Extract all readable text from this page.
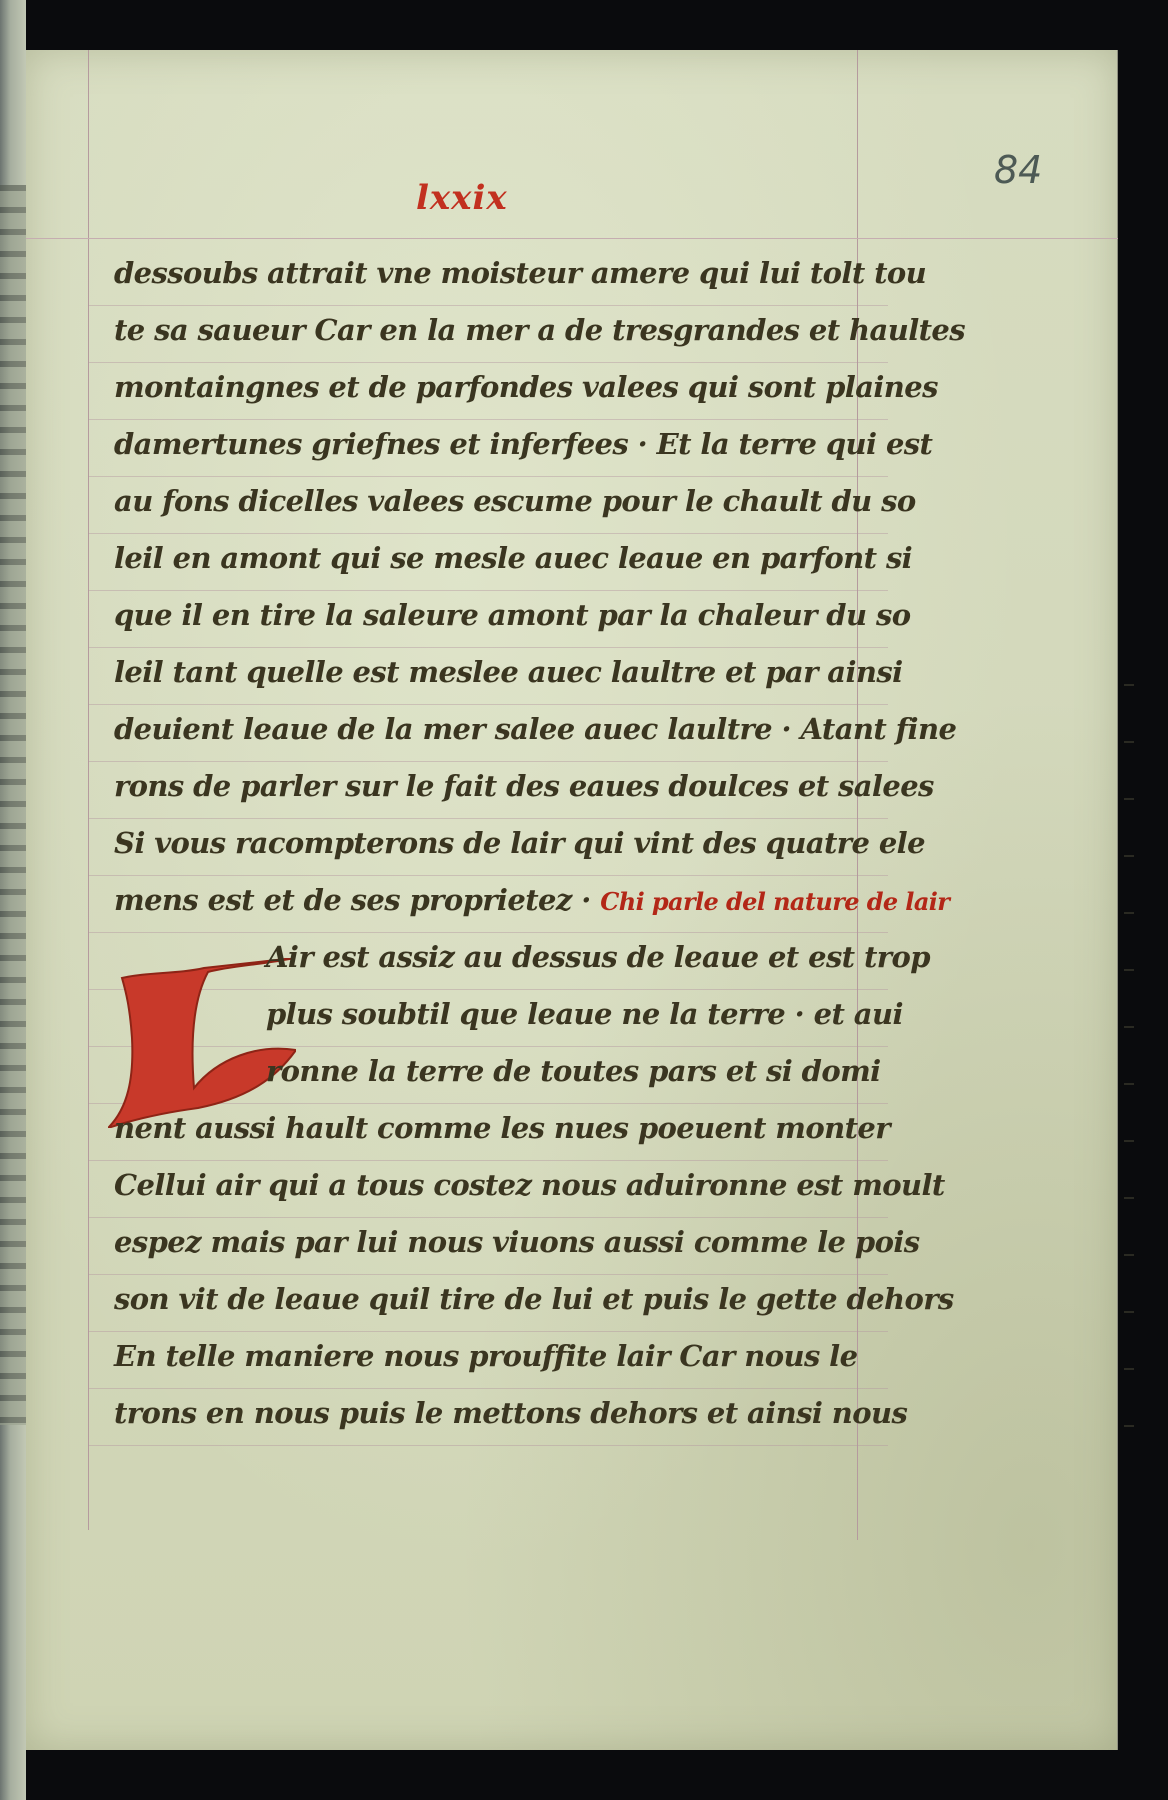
lxxix
84
dessoubs attrait vne moisteur amere qui lui tolt tou
te sa saueur Car en la mer a de tresgrandes et haultes
montaingnes et de parfondes valees qui sont plaines
damertunes griefnes et inferfees · Et la terre qui est
au fons dicelles valees escume pour le chault du so
leil en amont qui se mesle auec leaue en parfont si
que il en tire la saleure amont par la chaleur du so
leil tant quelle est meslee auec laultre et par ainsi
deuient leaue de la mer salee auec laultre · Atant fine
rons de parler sur le fait des eaues doulces et salees
Si vous racompterons de lair qui vint des quatre ele
mens est et de ses proprietez · Chi parle del nature de lair
Air est assiz au dessus de leaue et est trop
plus soubtil que leaue ne la terre · et aui
ronne la terre de toutes pars et si domi
nent aussi hault comme les nues poeuent monter
Cellui air qui a tous costez nous aduironne est moult
espez mais par lui nous viuons aussi comme le pois
son vit de leaue quil tire de lui et puis le gette dehors
En telle maniere nous prouffite lair Car nous le
trons en nous puis le mettons dehors et ainsi nous
